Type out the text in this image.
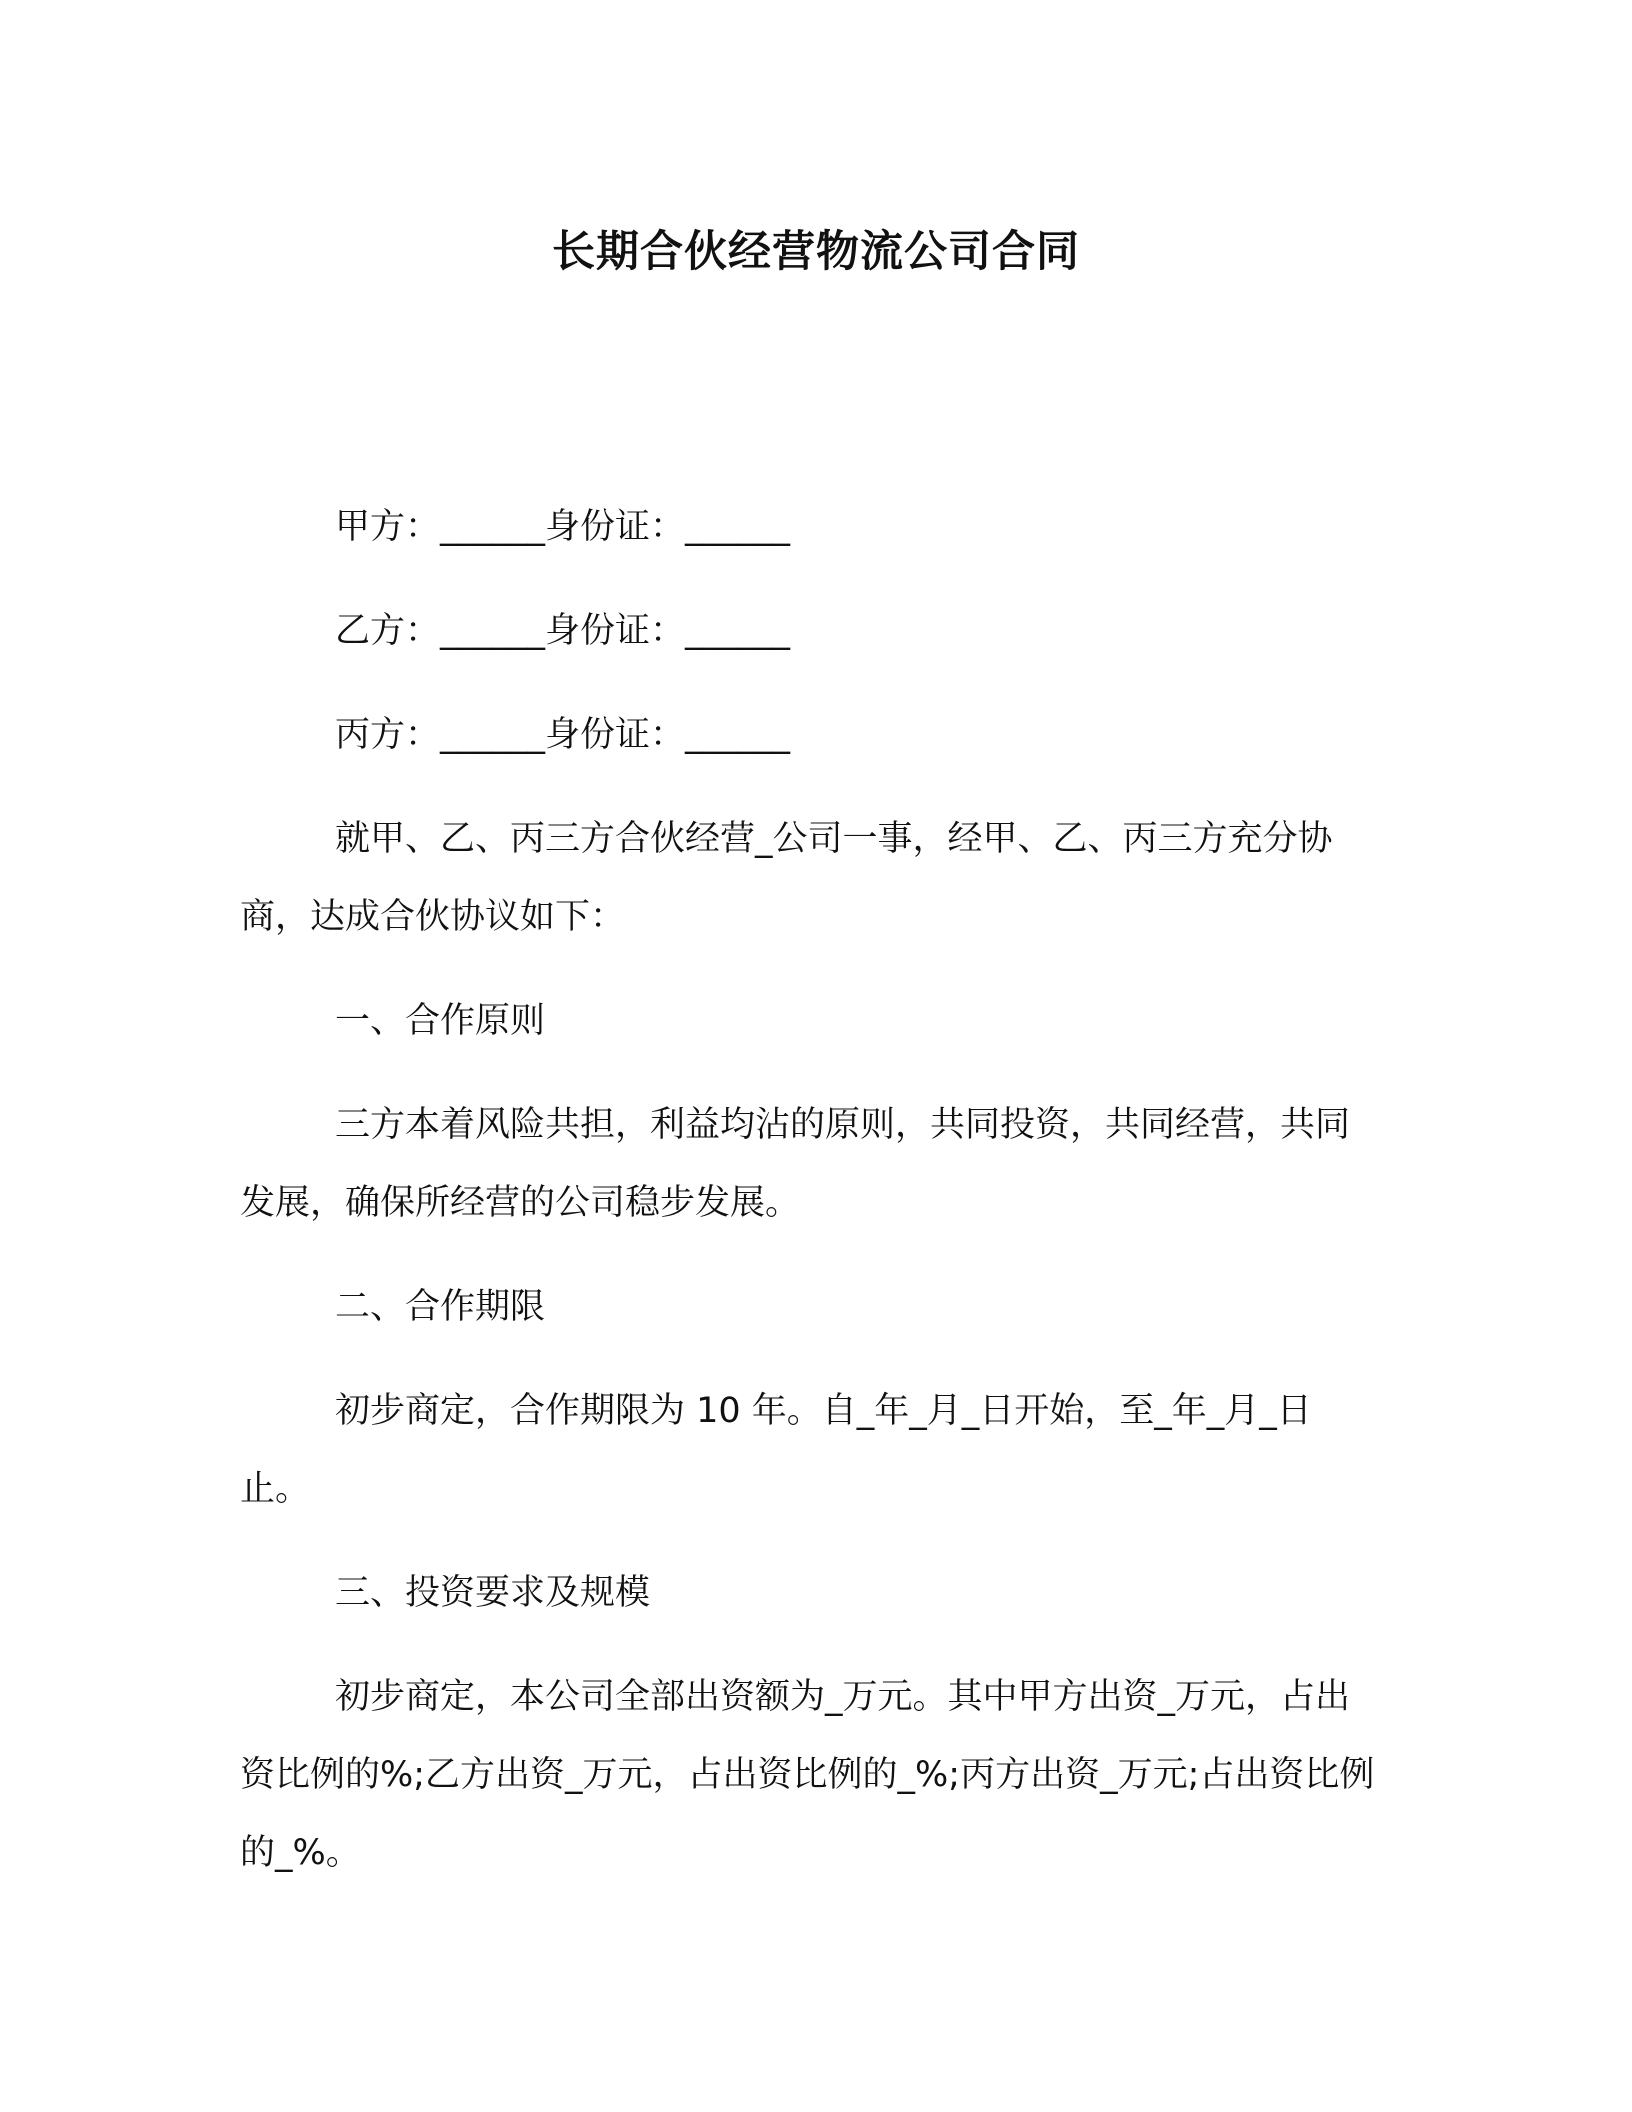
长期合伙经营物流公司合同

甲方：______身份证：______

乙方：______身份证：______

丙方：______身份证：______

就甲、乙、丙三方合伙经营_公司一事，经甲、乙、丙三方充分协商，达成合伙协议如下：

一、合作原则

三方本着风险共担，利益均沾的原则，共同投资，共同经营，共同发展，确保所经营的公司稳步发展。

二、合作期限

初步商定，合作期限为 10 年。自_年_月_日开始，至_年_月_日止。

三、投资要求及规模

初步商定，本公司全部出资额为_万元。其中甲方出资_万元，占出资比例的%;乙方出资_万元，占出资比例的_%;丙方出资_万元;占出资比例的_%。
